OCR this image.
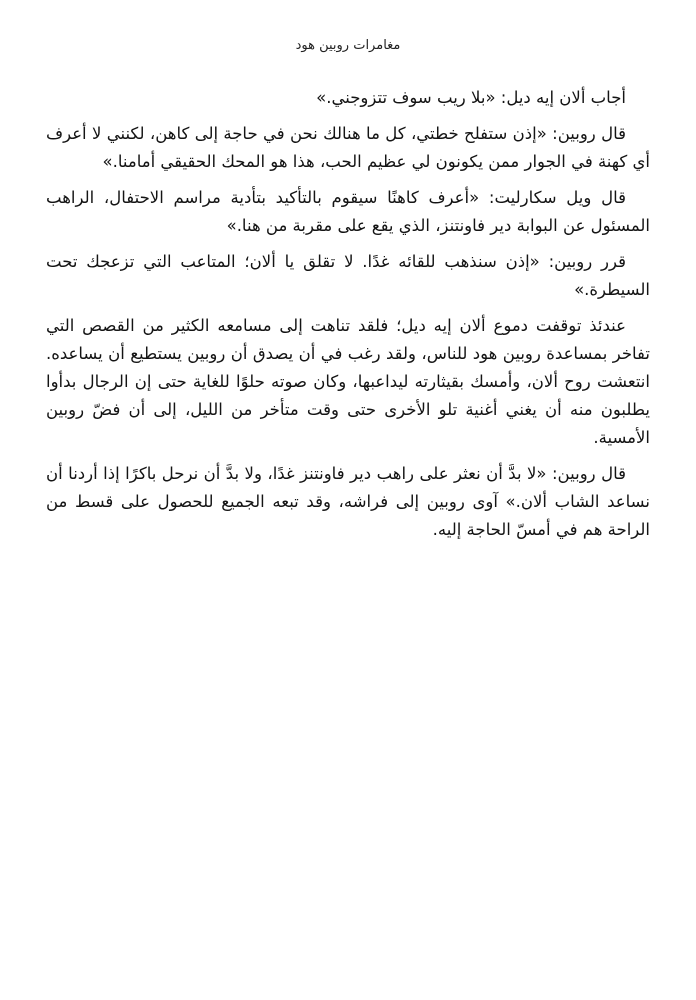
مغامرات روبين هود

أجاب ألان إيه ديل: «بلا ريب سوف تتزوجني.»

قال روبين: «إذن ستفلح خطتي، كل ما هنالك نحن في حاجة إلى كاهن، لكنني لا أعرف أي كهنة في الجوار ممن يكونون لي عظيم الحب، هذا هو المحك الحقيقي أمامنا.»

قال ويل سكارليت: «أعرف كاهنًا سيقوم بالتأكيد بتأدية مراسم الاحتفال، الراهب المسئول عن البوابة دير فاونتنز، الذي يقع على مقربة من هنا.»

قرر روبين: «إذن سنذهب للقائه غدًا. لا تقلق يا ألان؛ المتاعب التي تزعجك تحت السيطرة.»

عندئذ توقفت دموع ألان إيه ديل؛ فلقد تناهت إلى مسامعه الكثير من القصص التي تفاخر بمساعدة روبين هود للناس، ولقد رغب في أن يصدق أن روبين يستطيع أن يساعده. انتعشت روح ألان، وأمسك بقيثارته ليداعبها، وكان صوته حلوًا للغاية حتى إن الرجال بدأوا يطلبون منه أن يغني أغنية تلو الأخرى حتى وقت متأخر من الليل، إلى أن فضّ روبين الأمسية.

قال روبين: «لا بدَّ أن نعثر على راهب دير فاونتنز غدًا، ولا بدَّ أن نرحل باكرًا إذا أردنا أن نساعد الشاب ألان.» آوى روبين إلى فراشه، وقد تبعه الجميع للحصول على قسط من الراحة هم في أمسّ الحاجة إليه.
